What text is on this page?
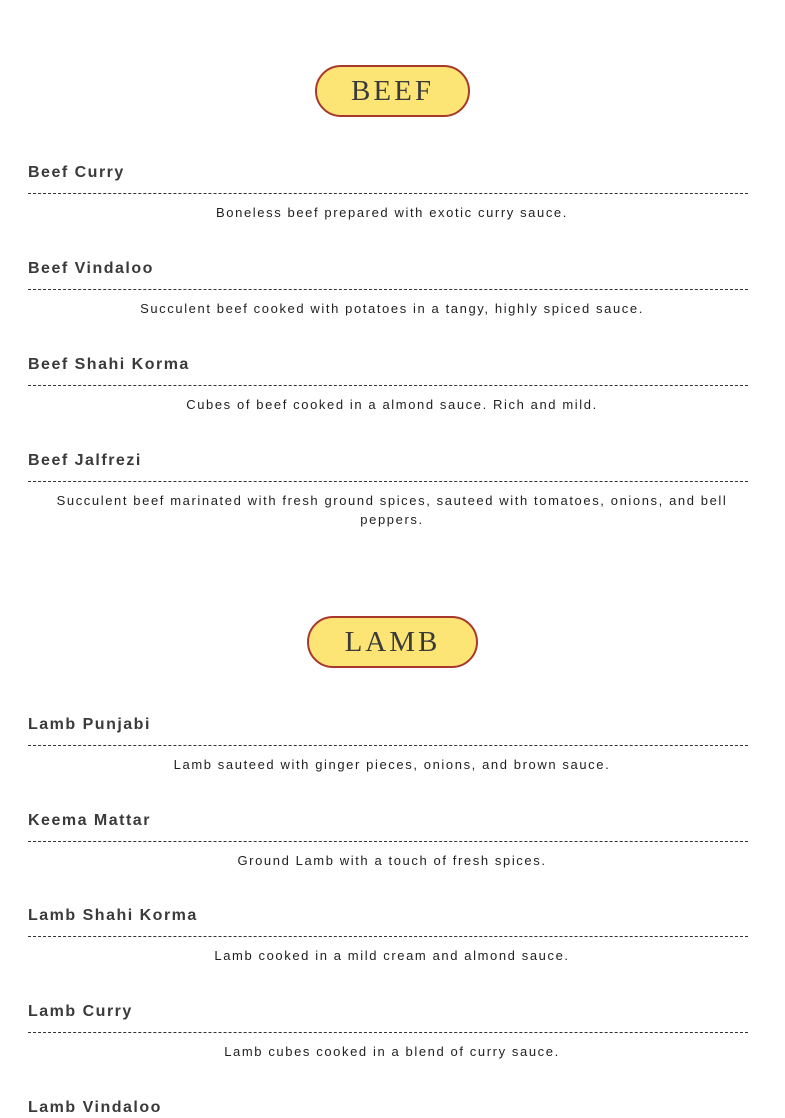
BEEF
Beef Curry
Boneless beef prepared with exotic curry sauce.
Beef Vindaloo
Succulent beef cooked with potatoes in a tangy, highly spiced sauce.
Beef Shahi Korma
Cubes of beef cooked in a almond sauce. Rich and mild.
Beef Jalfrezi
Succulent beef marinated with fresh ground spices, sauteed with tomatoes, onions, and bell peppers.
LAMB
Lamb Punjabi
Lamb sauteed with ginger pieces, onions, and brown sauce.
Keema Mattar
Ground Lamb with a touch of fresh spices.
Lamb Shahi Korma
Lamb cooked in a mild cream and almond sauce.
Lamb Curry
Lamb cubes cooked in a blend of curry sauce.
Lamb Vindaloo
